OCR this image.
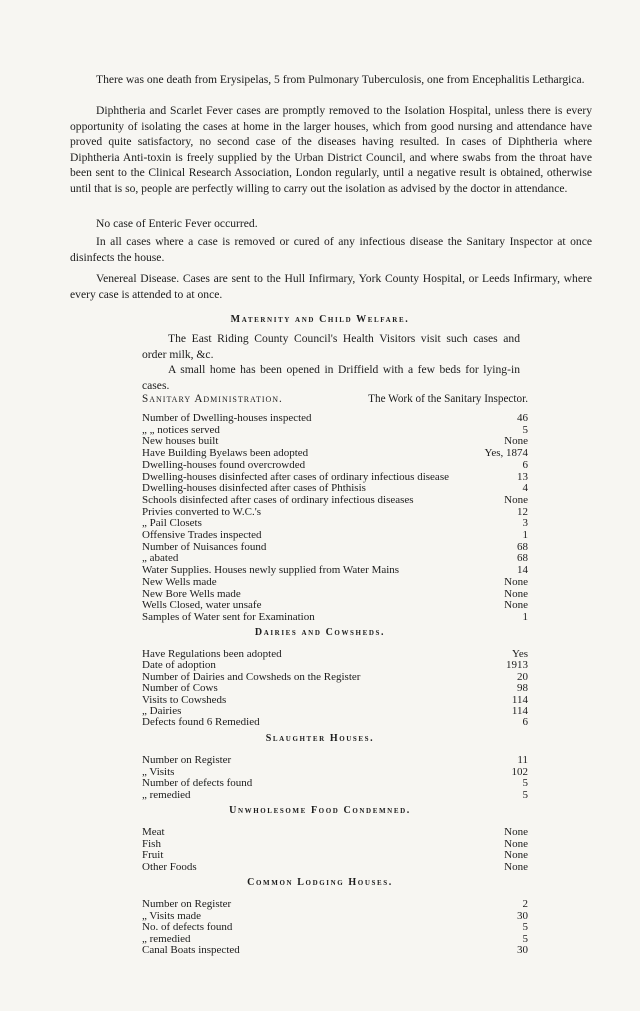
There was one death from Erysipelas, 5 from Pulmonary Tuberculosis, one from Encephalitis Lethargica.

Diphtheria and Scarlet Fever cases are promptly removed to the Isolation Hospital, unless there is every opportunity of isolating the cases at home in the larger houses, which from good nursing and attendance have proved quite satisfactory, no second case of the diseases having resulted. In cases of Diphtheria where Diphtheria Anti-toxin is freely supplied by the Urban District Council, and where swabs from the throat have been sent to the Clinical Research Association, London regularly, until a negative result is obtained, otherwise until that is so, people are perfectly willing to carry out the isolation as advised by the doctor in attendance.

No case of Enteric Fever occurred.

In all cases where a case is removed or cured of any infectious disease the Sanitary Inspector at once disinfects the house.

Venereal Disease. Cases are sent to the Hull Infirmary, York County Hospital, or Leeds Infirmary, where every case is attended to at once.

Maternity and Child Welfare.

The East Riding County Council's Health Visitors visit such cases and order milk, &c.

A small home has been opened in Driffield with a few beds for lying-in cases.

Sanitary Administration.	The Work of the Sanitary Inspector.
Number of Dwelling-houses inspected	46
„ „ notices served	5
New houses built	None
Have Building Byelaws been adopted	Yes, 1874
Dwelling-houses found overcrowded	6
Dwelling-houses disinfected after cases of ordinary infectious disease	13
Dwelling-houses disinfected after cases of Phthisis	4
Schools disinfected after cases of ordinary infectious diseases	None
Privies converted to W.C.'s	12
„ Pail Closets	3
Offensive Trades inspected	1
Number of Nuisances found	68
„ abated	68
Water Supplies. Houses newly supplied from Water Mains	14
New Wells made	None
New Bore Wells made	None
Wells Closed, water unsafe	None
Samples of Water sent for Examination	1
Dairies and Cowsheds.
Have Regulations been adopted	Yes
Date of adoption	1913
Number of Dairies and Cowsheds on the Register	20
Number of Cows	98
Visits to Cowsheds	114
„ Dairies	114
Defects found 6 Remedied	6
Slaughter Houses.
Number on Register	11
„ Visits	102
Number of defects found	5
„ remedied	5
Unwholesome Food Condemned.
Meat	None
Fish	None
Fruit	None
Other Foods	None
Common Lodging Houses.
Number on Register	2
„ Visits made	30
No. of defects found	5
„ remedied	5
Canal Boats inspected	30
